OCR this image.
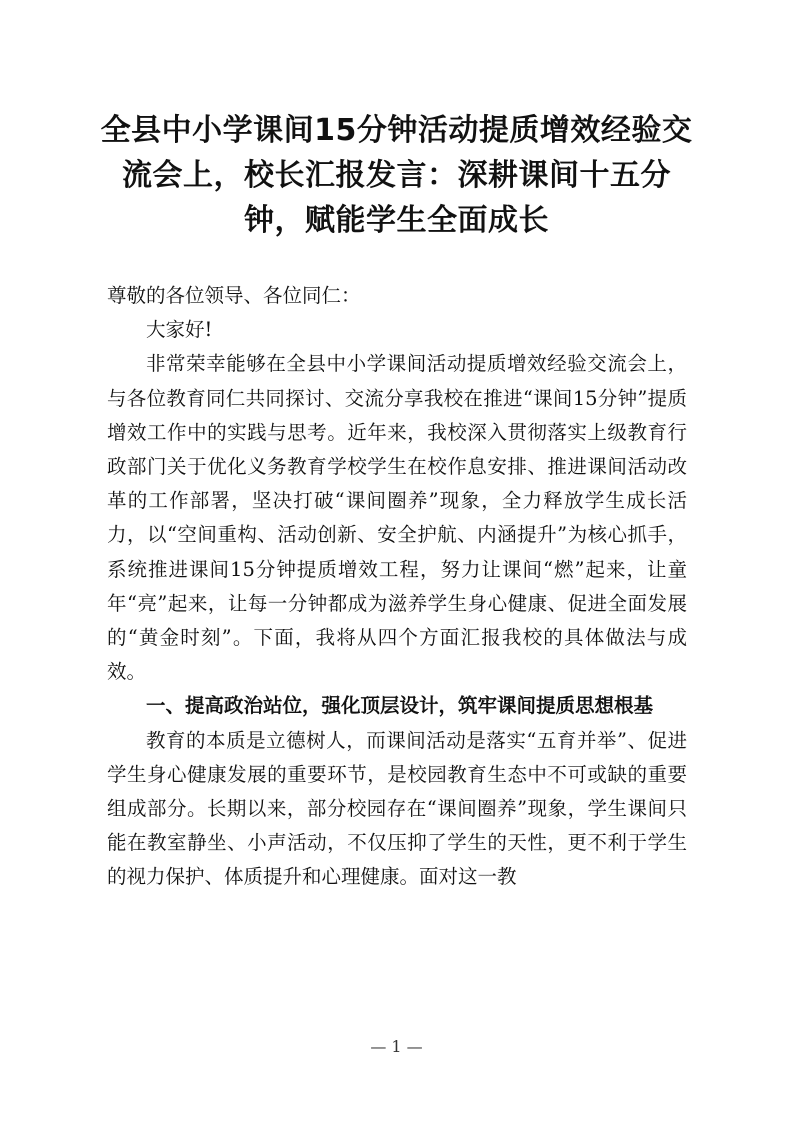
全县中小学课间15分钟活动提质增效经验交流会上，校长汇报发言：深耕课间十五分钟，赋能学生全面成长

尊敬的各位领导、各位同仁：

大家好!

非常荣幸能够在全县中小学课间活动提质增效经验交流会上，与各位教育同仁共同探讨、交流分享我校在推进“课间15分钟”提质增效工作中的实践与思考。近年来，我校深入贯彻落实上级教育行政部门关于优化义务教育学校学生在校作息安排、推进课间活动改革的工作部署，坚决打破“课间圈养”现象，全力释放学生成长活力，以“空间重构、活动创新、安全护航、内涵提升”为核心抓手，系统推进课间15分钟提质增效工程，努力让课间“燃”起来，让童年“亮”起来，让每一分钟都成为滋养学生身心健康、促进全面发展的“黄金时刻”。下面，我将从四个方面汇报我校的具体做法与成效。

一、提高政治站位，强化顶层设计，筑牢课间提质思想根基

教育的本质是立德树人，而课间活动是落实“五育并举”、促进学生身心健康发展的重要环节，是校园教育生态中不可或缺的重要组成部分。长期以来，部分校园存在“课间圈养”现象，学生课间只能在教室静坐、小声活动，不仅压抑了学生的天性，更不利于学生的视力保护、体质提升和心理健康。面对这一教

— 1 —
